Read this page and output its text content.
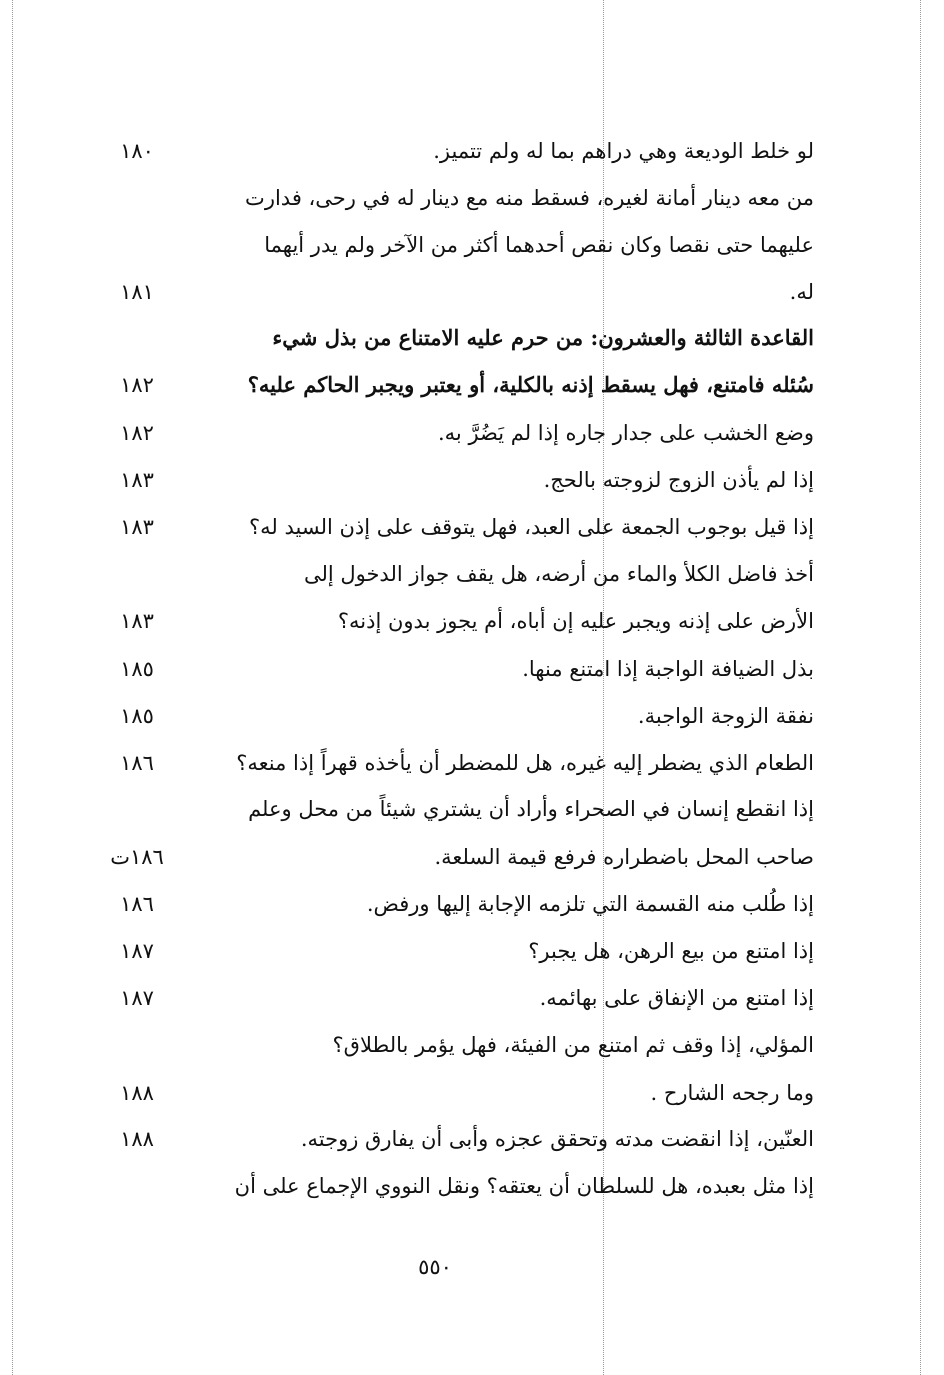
لو خلط الوديعة وهي دراهم بما له ولم تتميز.
١٨٠
من معه دينار أمانة لغيره، فسقط منه مع دينار له في رحى، فدارت
عليهما حتى نقصا وكان نقص أحدهما أكثر من الآخر ولم يدر أيهما
له.
١٨١
القاعدة الثالثة والعشرون: من حرم عليه الامتناع من بذل شيء
سُئله فامتنع، فهل يسقط إذنه بالكلية، أو يعتبر ويجبر الحاكم عليه؟
١٨٢
وضع الخشب على جدار جاره إذا لم يَضُرَّ به.
١٨٢
إذا لم يأذن الزوج لزوجته بالحج.
١٨٣
إذا قيل بوجوب الجمعة على العبد، فهل يتوقف على إذن السيد له؟
١٨٣
أخذ فاضل الكلأ والماء من أرضه، هل يقف جواز الدخول إلى
الأرض على إذنه ويجبر عليه إن أباه، أم يجوز بدون إذنه؟
١٨٣
بذل الضيافة الواجبة إذا امتنع منها.
١٨٥
نفقة الزوجة الواجبة.
١٨٥
الطعام الذي يضطر إليه غيره، هل للمضطر أن يأخذه قهراً إذا منعه؟
١٨٦
إذا انقطع إنسان في الصحراء وأراد أن يشتري شيئاً من محل وعلم
صاحب المحل باضطراره فرفع قيمة السلعة.
١٨٦ت
إذا طُلب منه القسمة التي تلزمه الإجابة إليها ورفض.
١٨٦
إذا امتنع من بيع الرهن، هل يجبر؟
١٨٧
إذا امتنع من الإنفاق على بهائمه.
١٨٧
المؤلي، إذا وقف ثم امتنع من الفيئة، فهل يؤمر بالطلاق؟
وما رجحه الشارح .
١٨٨
العنّين، إذا انقضت مدته وتحقق عجزه وأبى أن يفارق زوجته.
١٨٨
إذا مثل بعبده، هل للسلطان أن يعتقه؟ ونقل النووي الإجماع على أن
٥٥٠
